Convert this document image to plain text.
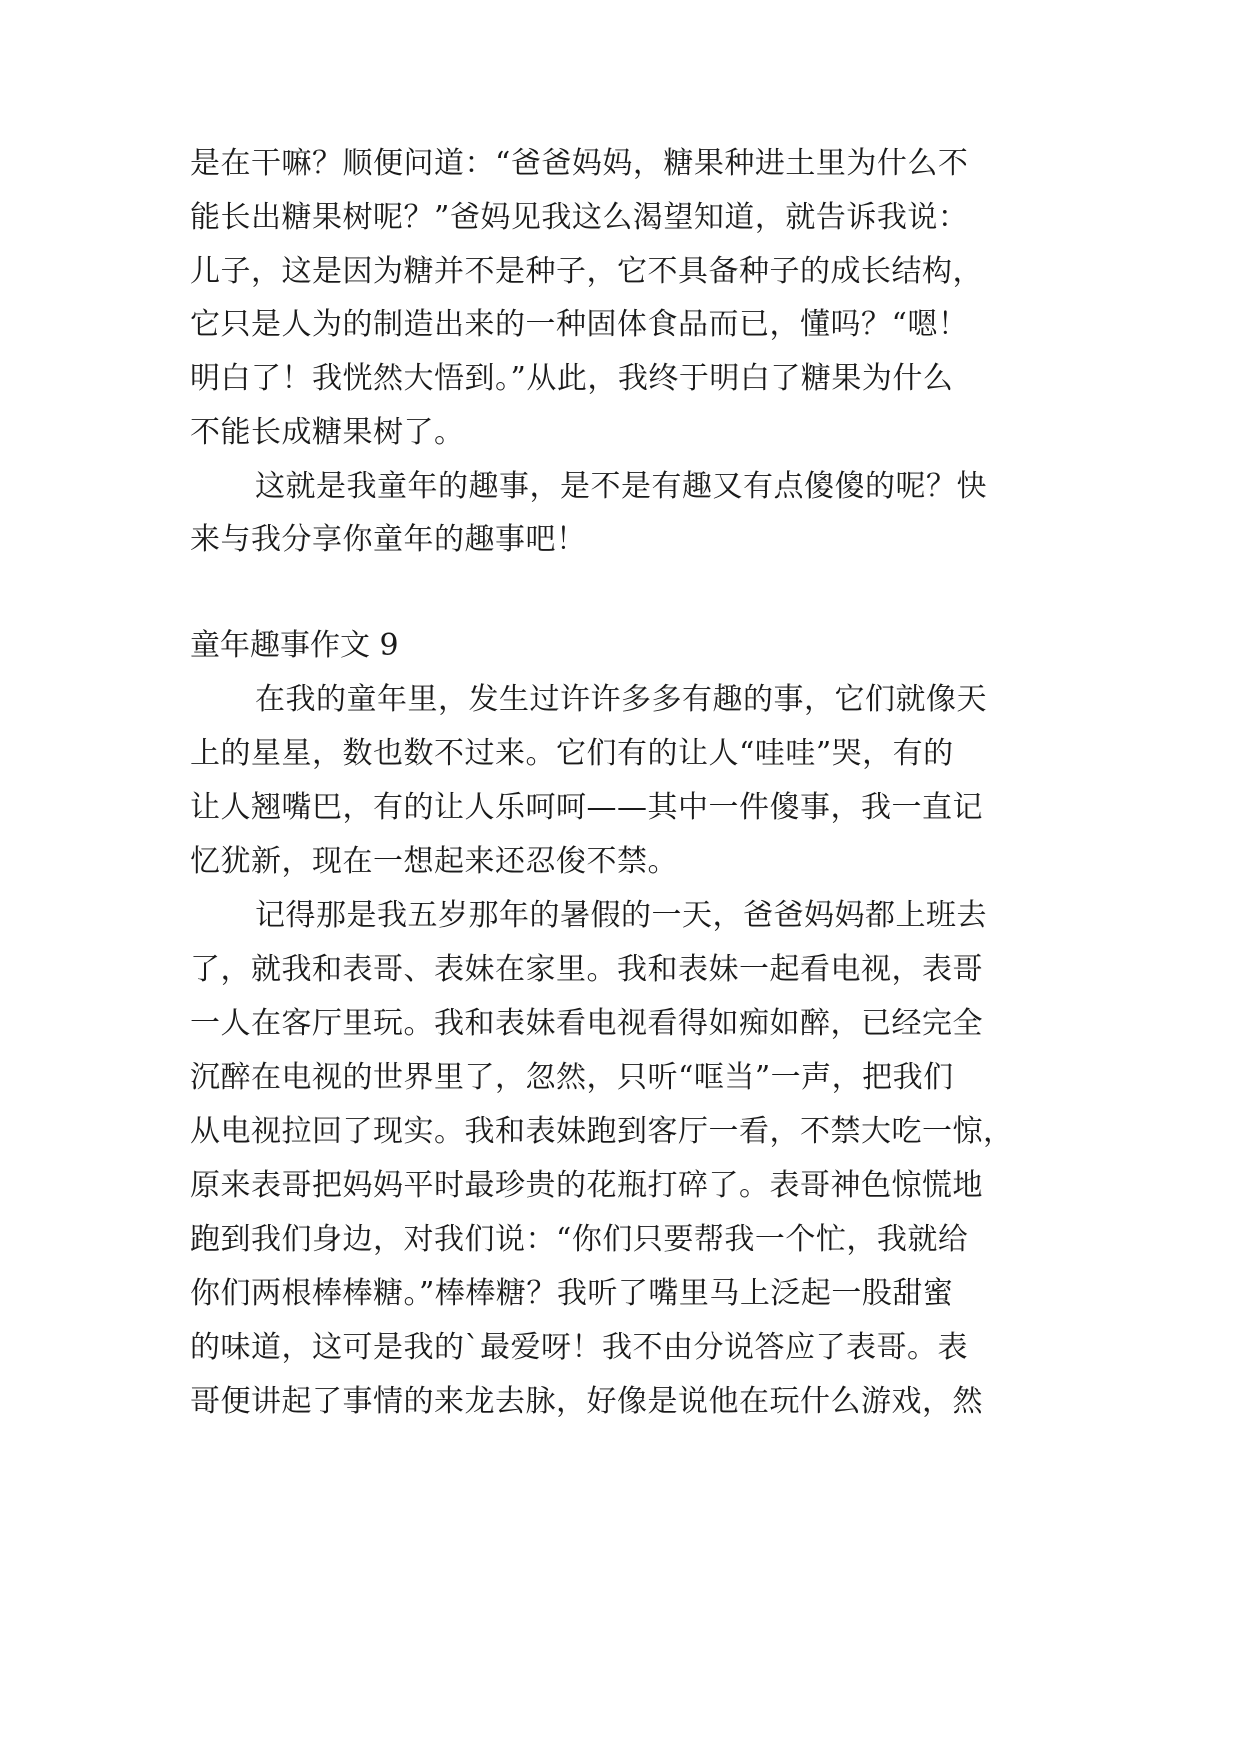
是在干嘛？顺便问道：“爸爸妈妈，糖果种进土里为什么不
能长出糖果树呢？”爸妈见我这么渴望知道，就告诉我说：
儿子，这是因为糖并不是种子，它不具备种子的成长结构，
它只是人为的制造出来的一种固体食品而已，懂吗？“嗯！
明白了！我恍然大悟到。”从此，我终于明白了糖果为什么
不能长成糖果树了。
这就是我童年的趣事，是不是有趣又有点傻傻的呢？快
来与我分享你童年的趣事吧！
童年趣事作文 9
在我的童年里，发生过许许多多有趣的事，它们就像天
上的星星，数也数不过来。它们有的让人“哇哇”哭，有的
让人翘嘴巴，有的让人乐呵呵——其中一件傻事，我一直记
忆犹新，现在一想起来还忍俊不禁。
记得那是我五岁那年的暑假的一天，爸爸妈妈都上班去
了，就我和表哥、表妹在家里。我和表妹一起看电视，表哥
一人在客厅里玩。我和表妹看电视看得如痴如醉，已经完全
沉醉在电视的世界里了，忽然，只听“哐当”一声，把我们
从电视拉回了现实。我和表妹跑到客厅一看，不禁大吃一惊，
原来表哥把妈妈平时最珍贵的花瓶打碎了。表哥神色惊慌地
跑到我们身边，对我们说：“你们只要帮我一个忙，我就给
你们两根棒棒糖。”棒棒糖？我听了嘴里马上泛起一股甜蜜
的味道，这可是我的`最爱呀！我不由分说答应了表哥。表
哥便讲起了事情的来龙去脉，好像是说他在玩什么游戏，然
